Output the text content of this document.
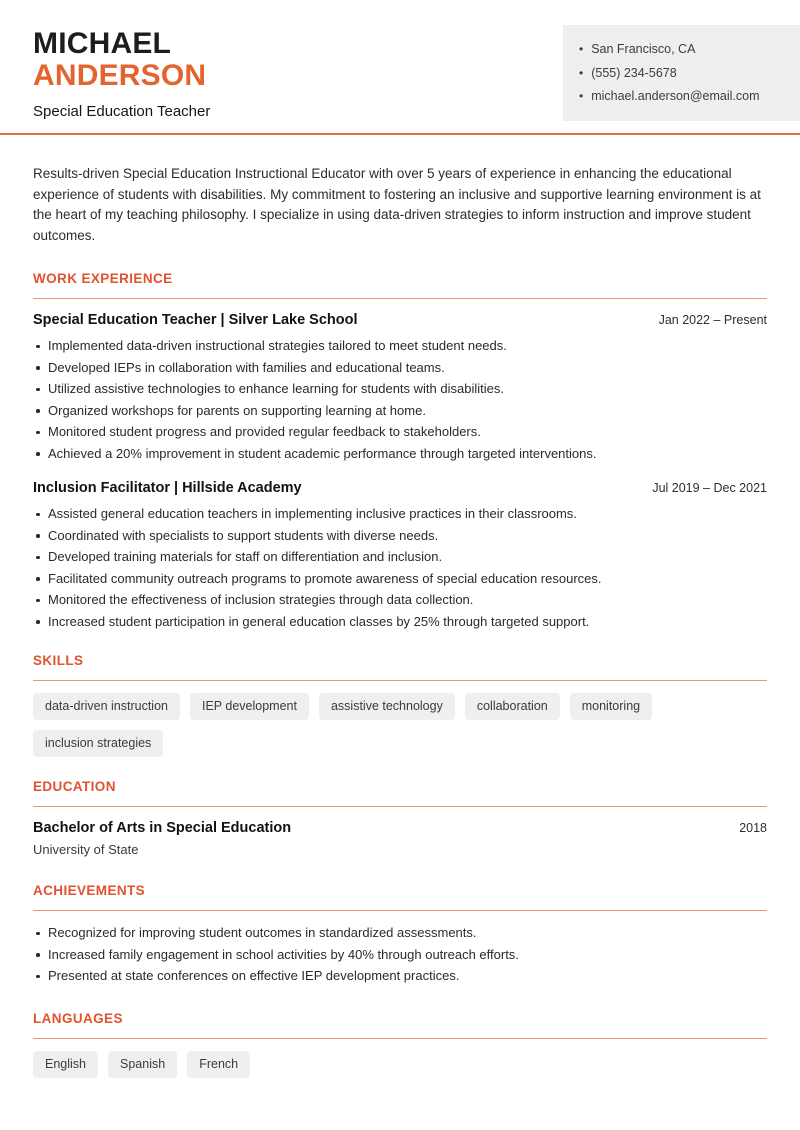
MICHAEL
ANDERSON
Special Education Teacher
• San Francisco, CA
• (555) 234-5678
• michael.anderson@email.com

Results-driven Special Education Instructional Educator with over 5 years of experience in enhancing the educational experience of students with disabilities. My commitment to fostering an inclusive and supportive learning environment is at the heart of my teaching philosophy. I specialize in using data-driven strategies to inform instruction and improve student outcomes.

WORK EXPERIENCE
Special Education Teacher | Silver Lake School	Jan 2022 – Present
Implemented data-driven instructional strategies tailored to meet student needs.
Developed IEPs in collaboration with families and educational teams.
Utilized assistive technologies to enhance learning for students with disabilities.
Organized workshops for parents on supporting learning at home.
Monitored student progress and provided regular feedback to stakeholders.
Achieved a 20% improvement in student academic performance through targeted interventions.
Inclusion Facilitator | Hillside Academy	Jul 2019 – Dec 2021
Assisted general education teachers in implementing inclusive practices in their classrooms.
Coordinated with specialists to support students with diverse needs.
Developed training materials for staff on differentiation and inclusion.
Facilitated community outreach programs to promote awareness of special education resources.
Monitored the effectiveness of inclusion strategies through data collection.
Increased student participation in general education classes by 25% through targeted support.
SKILLS
data-driven instruction	IEP development	assistive technology	collaboration	monitoring
inclusion strategies
EDUCATION
Bachelor of Arts in Special Education	2018
University of State
ACHIEVEMENTS
Recognized for improving student outcomes in standardized assessments.
Increased family engagement in school activities by 40% through outreach efforts.
Presented at state conferences on effective IEP development practices.
LANGUAGES
English	Spanish	French
